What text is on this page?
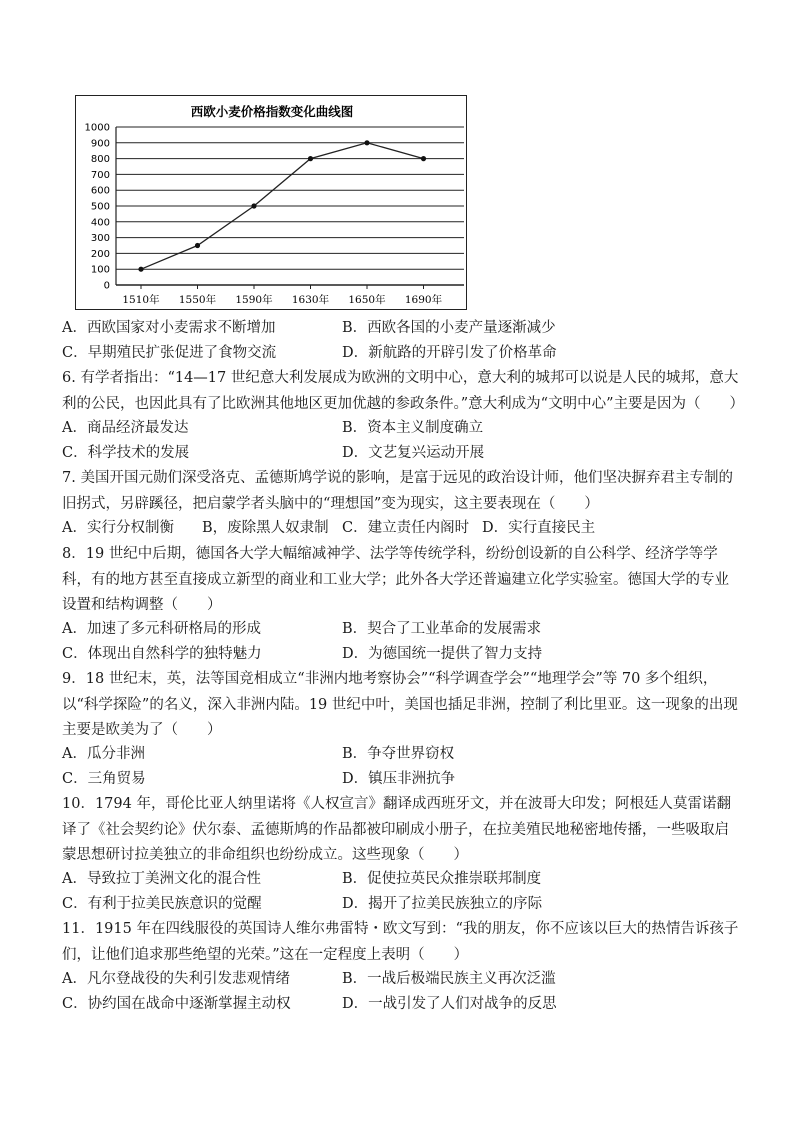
西欧小麦价格指数变化曲线图
0
100
200
300
400
500
600
700
800
900
1000
1510年 1550年 1590年 1630年 1650年 1690年
A．西欧国家对小麦需求不断增加	B．西欧各国的小麦产量逐渐减少
C．早期殖民扩张促进了食物交流	D．新航路的开辟引发了价格革命
6. 有学者指出：“14—17 世纪意大利发展成为欧洲的文明中心，意大利的城邦可以说是人民的城邦，意大利的公民，也因此具有了比欧洲其他地区更加优越的参政条件。”意大利成为“文明中心”主要是因为（　　）
A．商品经济最发达	B．资本主义制度确立
C．科学技术的发展	D．文艺复兴运动开展
7. 美国开国元勋们深受洛克、孟德斯鸠学说的影响，是富于远见的政治设计师，他们坚决摒弃君主专制的旧拐式，另辟蹊径，把启蒙学者头脑中的“理想国”变为现实，这主要表现在（　　）
A．实行分权制衡 B，废除黑人奴隶制 C．建立责任内阁时 D．实行直接民主
8．19 世纪中后期，德国各大学大幅缩减神学、法学等传统学科，纷纷创设新的自公科学、经济学等学科，有的地方甚至直接成立新型的商业和工业大学；此外各大学还普遍建立化学实验室。德国大学的专业设置和结构调整（　　）
A．加速了多元科研格局的形成	B．契合了工业革命的发展需求
C．体现出自然科学的独特魅力	D．为德国统一提供了智力支持
9．18 世纪末，英，法等国竞相成立“非洲内地考察协会”“科学调查学会”“地理学会”等 70 多个组织，以“科学探险”的名义，深入非洲内陆。19 世纪中叶，美国也插足非洲，控制了利比里亚。这一现象的出现主要是欧美为了（　　）
A．瓜分非洲	B．争夺世界窃权
C．三角贸易	D．镇压非洲抗争
10．1794 年，哥伦比亚人纳里诺将《人权宣言》翻译成西班牙文，并在波哥大印发；阿根廷人莫雷诺翻译了《社会契约论》伏尔泰、孟德斯鸠的作品都被印刷成小册子，在拉美殖民地秘密地传播，一些吸取启蒙思想研讨拉美独立的非命组织也纷纷成立。这些现象（　　）
A．导致拉丁美洲文化的混合性	B．促使拉英民众推崇联邦制度
C．有利于拉美民族意识的觉醒	D．揭开了拉美民族独立的序际
11．1915 年在四线服役的英国诗人维尔弗雷特・欧文写到：“我的朋友，你不应该以巨大的热情告诉孩子们，让他们追求那些绝望的光荣。”这在一定程度上表明（　　）
A．凡尔登战役的失利引发悲观情绪	B．一战后极端民族主义再次泛滥
C．协约国在战命中逐渐掌握主动权	D．一战引发了人们对战争的反思
